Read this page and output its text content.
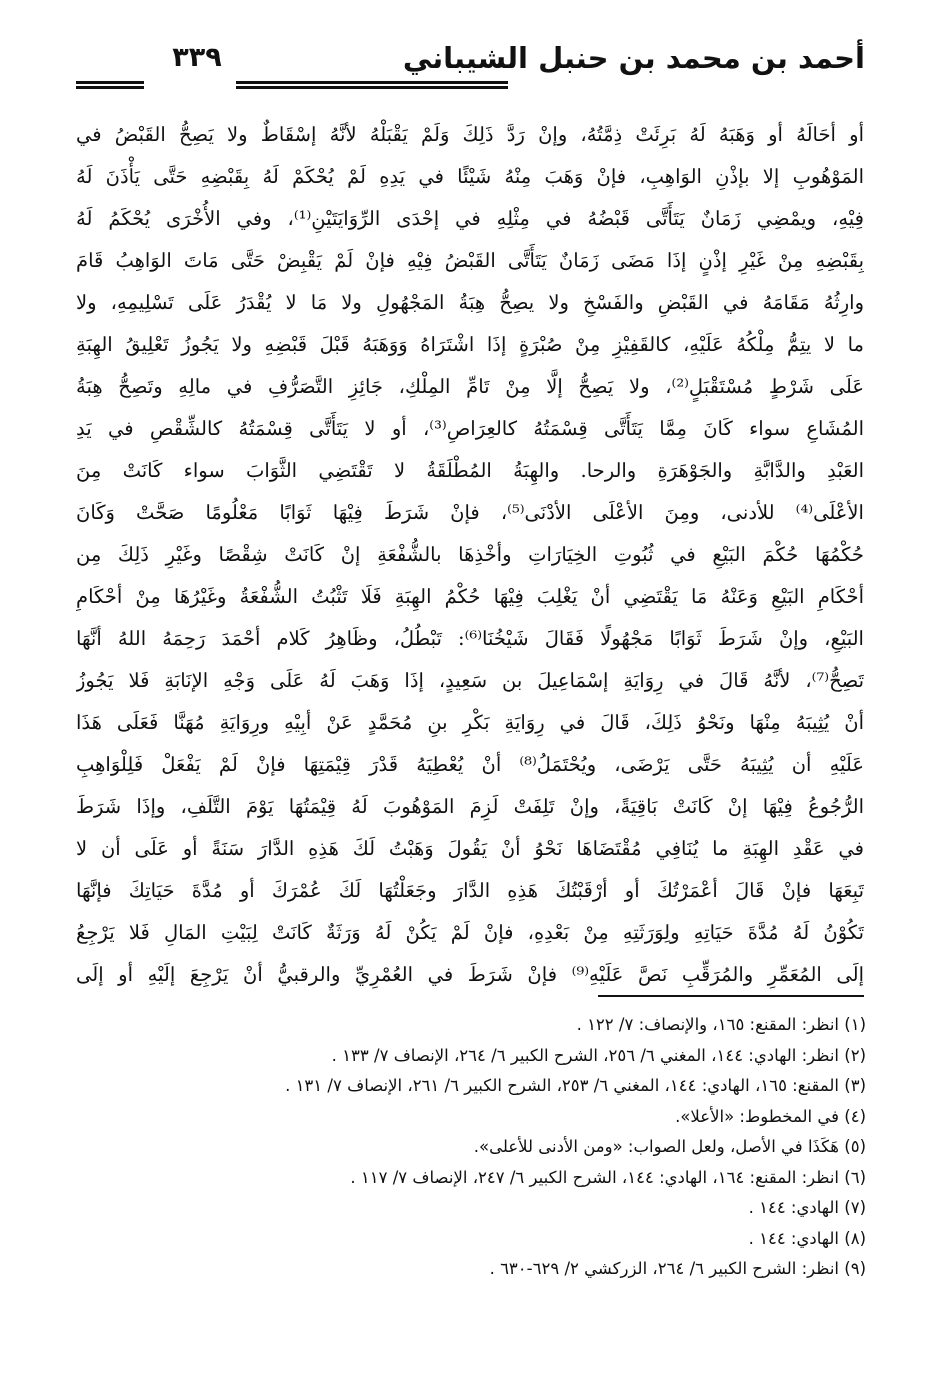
أحمد بن محمد بن حنبل الشيباني
٣٣٩
أو أحَالَهُ أو وَهَبَهُ لَهُ بَرِئَتْ ذِمَّتُهُ، وإنْ رَدَّ ذَلِكَ وَلَمْ يَقْبَلْهُ لأنَّهُ إسْقَاطٌ ولا يَصِحُّ القَبْضُ في
المَوْهُوبِ إلا بإذْنِ الوَاهِبِ، فإنْ وَهَبَ مِنْهُ شَيْئًا في يَدِهِ لَمْ يُحْكَمْ لَهُ بِقَبْضِهِ حَتَّى يَأْذَنَ لَهُ
فِيْهِ، ويمْضِي زَمَانٌ يَتَأَتَّى قَبْضُهُ في مِثْلِهِ في إحْدَى الرِّوَايَتَيْنِ⁽¹⁾، وفي الأُخْرَى يُحْكَمُ لَهُ
بِقَبْضِهِ مِنْ غَيْرِ إذْنٍ إذَا مَضَى زَمَانٌ يَتَأَتَّى القَبْضُ فِيْهِ فإنْ لَمْ يَقْبِضْ حَتَّى مَاتَ الوَاهِبُ قَامَ
وارِثُهُ مَقَامَهُ في القَبْضِ والفَسْخِ ولا يصِحُّ هِبَةُ المَجْهُولِ ولا مَا لا يُقْدَرُ عَلَى تَسْلِيمِهِ، ولا
ما لا يتِمُّ مِلْكُهُ عَلَيْهِ، كالقَفِيْزِ مِنْ صُبْرَةٍ إذَا اشْتَرَاهُ وَوَهَبَهُ قَبْلَ قَبْضِهِ ولا يَجُوزُ تَعْلِيقُ الهِبَةِ
عَلَى شَرْطٍ مُسْتَقْبَلٍ⁽²⁾، ولا يَصِحُّ إلَّا مِنْ تَامِّ المِلْكِ، جَائِزِ التَّصَرُّفِ في مالِهِ وتَصِحُّ هِبَةُ
المُشَاعِ سواء كَانَ مِمَّا يَتَأَتَّى قِسْمَتُهُ كالعِرَاصِ⁽³⁾، أو لا يَتَأَتَّى قِسْمَتُهُ كالشِّقْصِ في يَدِ
العَبْدِ والدَّابَّةِ والجَوْهَرَةِ والرحا. والهِبَةُ المُطْلَقَةُ لا تَقْتَضِي الثَّوَابَ سواء كَانَتْ مِنَ
الأعْلَى⁽⁴⁾ للأدنى، ومِنَ الأعْلَى الأدْنَى⁽⁵⁾، فإنْ شَرَطَ فِيْهَا ثَوَابًا مَعْلُومًا صَحَّتْ وَكَانَ
حُكْمُهَا حُكْمَ البَيْعِ في ثُبُوتِ الخِيَارَاتِ وأخْذِهَا بالشُّفْعَةِ إنْ كَانَتْ شِقْصًا وغَيْرِ ذَلِكَ مِن
أحْكَامِ البَيْعِ وَعَنْهُ مَا يَقْتَضِي أنْ يَغْلِبَ فِيْهَا حُكْمُ الهِبَةِ فَلَا تَثْبُتُ الشُّفْعَةُ وغَيْرُهَا مِنْ أحْكَامِ
البَيْعِ، وإنْ شَرَطَ ثَوَابًا مَجْهُولًا فَقَالَ شَيْخُنَا⁽⁶⁾: تَبْطُلُ، وظَاهِرُ كَلام أحْمَدَ رَحِمَهُ اللهُ أنَّهَا
تَصِحُّ⁽⁷⁾، لأنَّهُ قَالَ في رِوَايَةِ إسْمَاعِيلَ بن سَعِيدٍ، إذَا وَهَبَ لَهُ عَلَى وَجْهِ الإنَابَةِ فَلا يَجُوزُ
أنْ يُثِيبَهُ مِنْهَا ونَحْوُ ذَلِكَ، قَالَ في رِوَايَةِ بَكْرِ بنِ مُحَمَّدٍ عَنْ أبِيْهِ ورِوَايَةِ مُهَنَّا فَعَلَى هَذَا
عَلَيْهِ أن يُثِيبَهُ حَتَّى يَرْضَى، ويُحْتَمَلُ⁽⁸⁾ أنْ يُعْطِيَهُ قَدْرَ قِيْمَتِهَا فإنْ لَمْ يَفْعَلْ فَلِلْوَاهِبِ
الرُّجُوعُ فِيْهَا إنْ كَانَتْ بَاقِيَةً، وإنْ تَلِفَتْ لَزِمَ المَوْهُوبَ لَهُ قِيْمَتُهَا يَوْمَ التَّلَفِ، وإذَا شَرَطَ
في عَقْدِ الهِبَةِ ما يُنَافِي مُقْتَضَاهَا نَحْوُ أنْ يَقُولَ وَهَبْتُ لَكَ هَذِهِ الدَّارَ سَنَةً أو عَلَى أن لا
تَبِعَهَا فإنْ قَالَ أعْمَرْتُكَ أو أرْقَبْتُكَ هَذِهِ الدَّارَ وجَعَلْتُهَا لَكَ عُمْرَكَ أو مُدَّةَ حَيَاتِكَ فإنَّهَا
تَكُوْنُ لَهُ مُدَّةَ حَيَاتِهِ ولِوَرَثَتِهِ مِنْ بَعْدِهِ، فإنْ لَمْ يَكُنْ لَهُ وَرَثَةٌ كَانَتْ لِبَيْتِ المَالِ فَلا يَرْجِعُ
إلَى المُعَمِّرِ والمُرَقِّبِ نَصَّ عَلَيْهِ⁽⁹⁾ فإنْ شَرَطَ في العُمْرِيِّ والرقبيُّ أنْ يَرْجِعَ إلَيْهِ أو إلَى
(١) انظر: المقنع: ١٦٥، والإنصاف: ٧/ ١٢٢ .
(٢) انظر: الهادي: ١٤٤، المغني ٦/ ٢٥٦، الشرح الكبير ٦/ ٢٦٤، الإنصاف ٧/ ١٣٣ .
(٣) المقنع: ١٦٥، الهادي: ١٤٤، المغني ٦/ ٢٥٣، الشرح الكبير ٦/ ٢٦١، الإنصاف ٧/ ١٣١ .
(٤) في المخطوط: «الأعلا».
(٥) هَكَذَا في الأصل، ولعل الصواب: «ومن الأدنى للأعلى».
(٦) انظر: المقنع: ١٦٤، الهادي: ١٤٤، الشرح الكبير ٦/ ٢٤٧، الإنصاف ٧/ ١١٧ .
(٧) الهادي: ١٤٤ .
(٨) الهادي: ١٤٤ .
(٩) انظر: الشرح الكبير ٦/ ٢٦٤، الزركشي ٢/ ٦٢٩-٦٣٠ .
